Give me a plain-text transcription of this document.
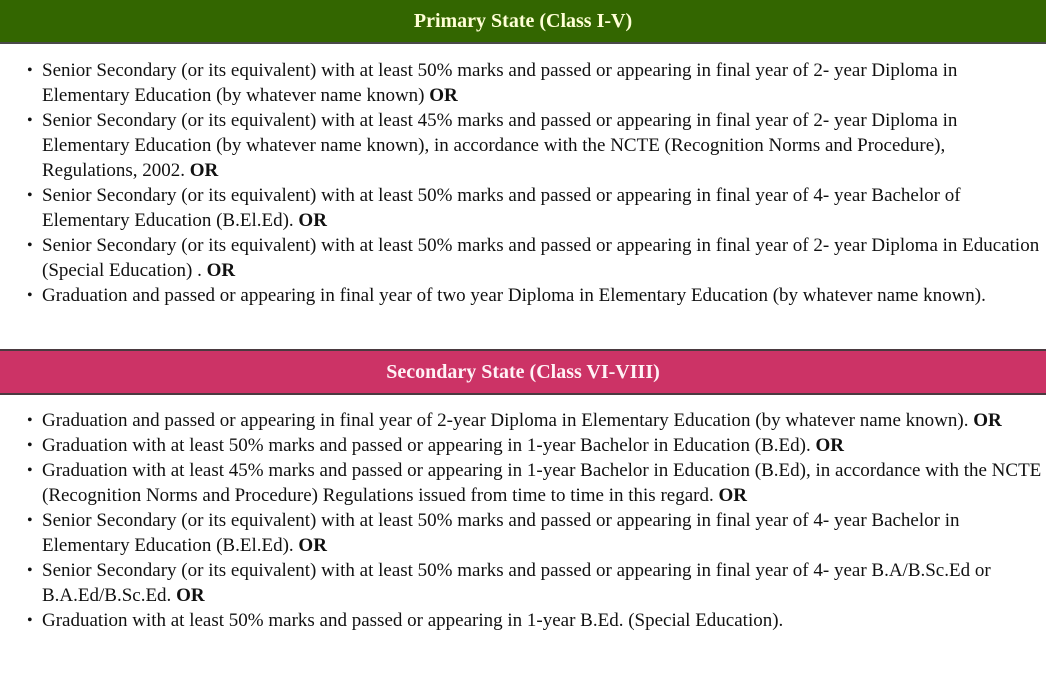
Primary State (Class I-V)
• Senior Secondary (or its equivalent) with at least 50% marks and passed or appearing in final year of 2- year Diploma in Elementary Education (by whatever name known) OR
• Senior Secondary (or its equivalent) with at least 45% marks and passed or appearing in final year of 2- year Diploma in Elementary Education (by whatever name known), in accordance with the NCTE (Recognition Norms and Procedure), Regulations, 2002. OR
• Senior Secondary (or its equivalent) with at least 50% marks and passed or appearing in final year of 4- year Bachelor of Elementary Education (B.El.Ed). OR
• Senior Secondary (or its equivalent) with at least 50% marks and passed or appearing in final year of 2- year Diploma in Education (Special Education) . OR
• Graduation and passed or appearing in final year of two year Diploma in Elementary Education (by whatever name known).
Secondary State (Class VI-VIII)
• Graduation and passed or appearing in final year of 2-year Diploma in Elementary Education (by whatever name known). OR
• Graduation with at least 50% marks and passed or appearing in 1-year Bachelor in Education (B.Ed). OR
• Graduation with at least 45% marks and passed or appearing in 1-year Bachelor in Education (B.Ed), in accordance with the NCTE (Recognition Norms and Procedure) Regulations issued from time to time in this regard. OR
• Senior Secondary (or its equivalent) with at least 50% marks and passed or appearing in final year of 4- year Bachelor in Elementary Education (B.El.Ed). OR
• Senior Secondary (or its equivalent) with at least 50% marks and passed or appearing in final year of 4- year B.A/B.Sc.Ed or B.A.Ed/B.Sc.Ed. OR
• Graduation with at least 50% marks and passed or appearing in 1-year B.Ed. (Special Education).
